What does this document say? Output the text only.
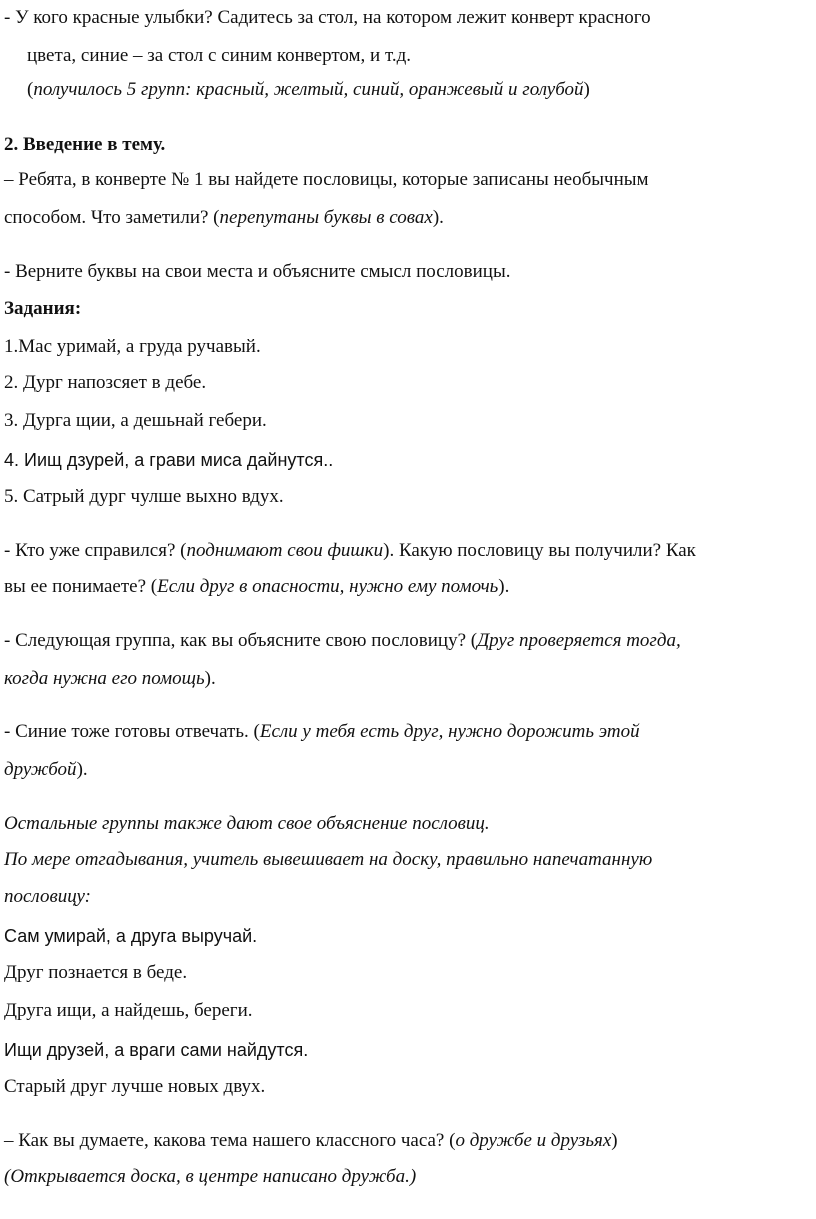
- У кого красные улыбки? Садитесь за стол, на котором лежит конверт красного
цвета, синие – за стол с синим конвертом, и т.д.
(получилось 5 групп: красный, желтый, синий, оранжевый и голубой)
2. Введение в тему.
– Ребята, в конверте № 1 вы найдете пословицы, которые записаны необычным
способом. Что заметили? (перепутаны буквы в совах).
- Верните буквы на свои места и объясните смысл пословицы.
Задания:
1.Мас уримай, а груда ручавый.
2. Дург напозсяет в дебе.
3. Дурга щии, а дешьнай гебери.
4. Иищ дзурей, а грави миса дайнутся..
5. Сатрый дург чулше выхно вдух.
- Кто уже справился? (поднимают свои фишки). Какую пословицу вы получили? Как
вы ее понимаете? (Если друг в опасности, нужно ему помочь).
- Следующая группа, как вы объясните свою пословицу? (Друг проверяется тогда,
когда нужна его помощь).
- Синие тоже готовы отвечать. (Если у тебя есть друг, нужно дорожить этой
дружбой).
Остальные группы также дают свое объяснение пословиц.
По мере отгадывания, учитель вывешивает на доску, правильно напечатанную
пословицу:
Сам умирай, а друга выручай.
Друг познается в беде.
Друга ищи, а найдешь, береги.
Ищи друзей, а враги сами найдутся.
Старый друг лучше новых двух.
– Как вы думаете, какова тема нашего классного часа? (о дружбе и друзьях)
(Открывается доска, в центре написано дружба.)
